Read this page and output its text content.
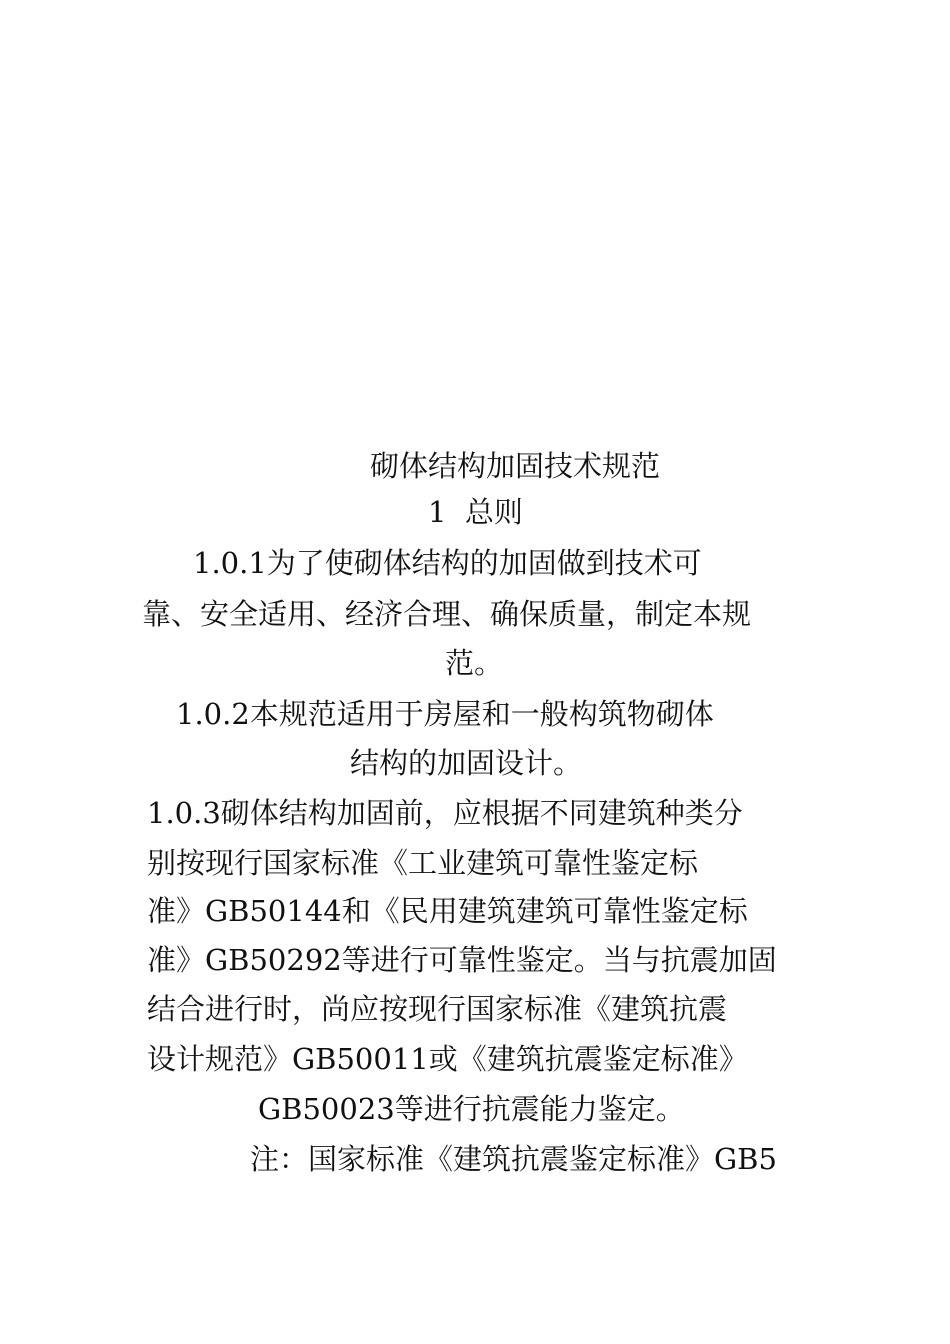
砌体结构加固技术规范
1  总则
1.0.1为了使砌体结构的加固做到技术可
靠、安全适用、经济合理、确保质量，制定本规
范。
1.0.2本规范适用于房屋和一般构筑物砌体
结构的加固设计。
1.0.3砌体结构加固前，应根据不同建筑种类分
别按现行国家标准《工业建筑可靠性鉴定标
准》GB50144和《民用建筑建筑可靠性鉴定标
准》GB50292等进行可靠性鉴定。当与抗震加固
结合进行时，尚应按现行国家标准《建筑抗震
设计规范》GB50011或《建筑抗震鉴定标准》
GB50023等进行抗震能力鉴定。
注：国家标准《建筑抗震鉴定标准》GB5
